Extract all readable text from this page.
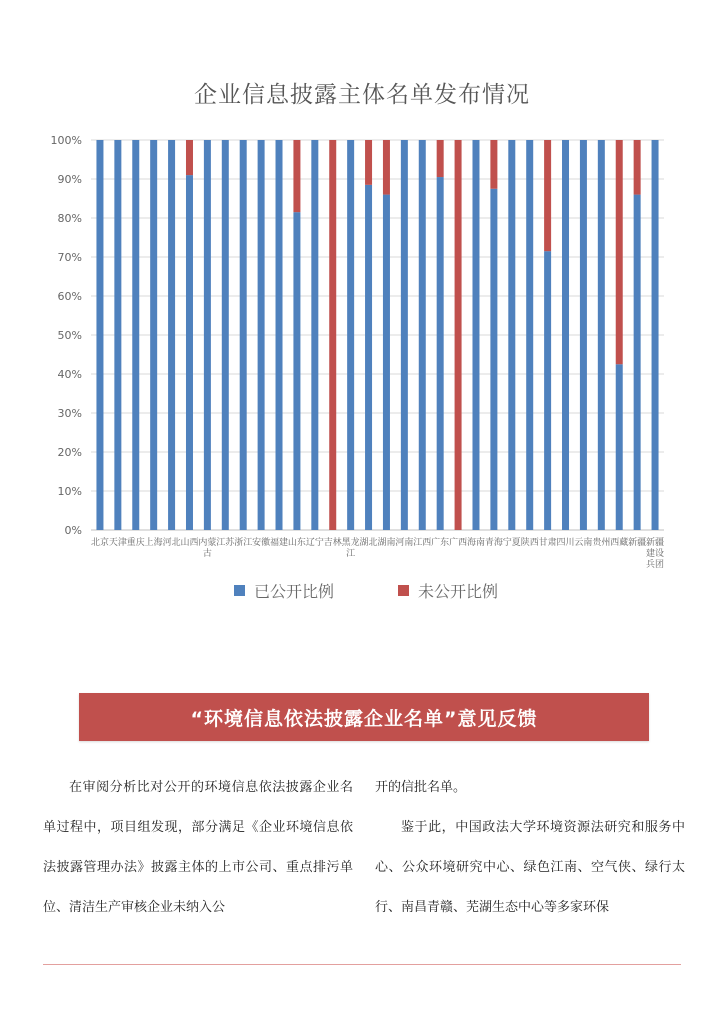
企业信息披露主体名单发布情况
0%
10%
20%
30%
40%
50%
60%
70%
80%
90%
100%
北京 天津 重庆 上海 河北 山西 内蒙古
江苏 浙江 安徽 福建 山东 辽宁 吉林 黑龙江
湖北 湖南 河南 江西 广东 广西 海南 青海 宁夏 陕西 甘肃 四川 云南 贵州 西藏 新疆 新疆建设兵团
已公开比例	未公开比例
“环境信息依法披露企业名单”意见反馈

在审阅分析比对公开的环境信息依法披露企业名单过程中，项目组发现，部分满足《企业环境信息依法披露管理办法》披露主体的上市公司、重点排污单位、清洁生产审核企业未纳入公

开的信批名单。

鉴于此，中国政法大学环境资源法研究和服务中心、公众环境研究中心、绿色江南、空气侠、绿行太行、南昌青赣、芜湖生态中心等多家环保
